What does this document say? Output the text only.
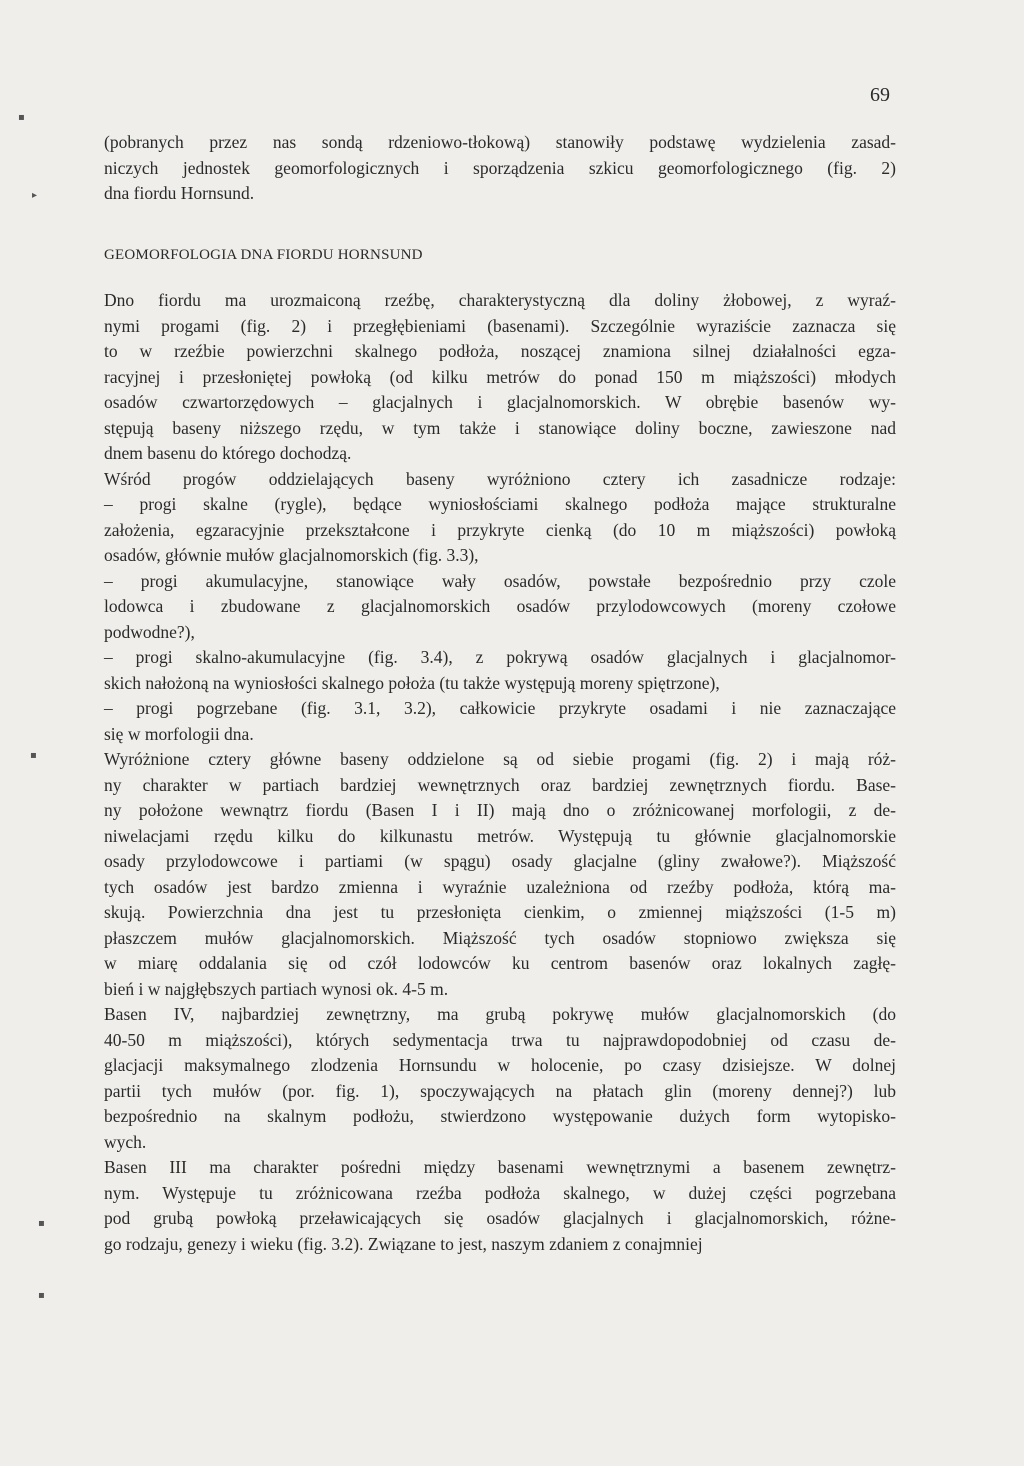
69
(pobranych przez nas sondą rdzeniowo-tłokową) stanowiły podstawę wydzielenia zasad-
niczych jednostek geomorfologicznych i sporządzenia szkicu geomorfologicznego (fig. 2)
dna fiordu Hornsund.
GEOMORFOLOGIA DNA FIORDU HORNSUND
Dno fiordu ma urozmaiconą rzeźbę, charakterystyczną dla doliny żłobowej, z wyraź-
nymi progami (fig. 2) i przegłębieniami (basenami). Szczególnie wyraziście zaznacza się
to w rzeźbie powierzchni skalnego podłoża, noszącej znamiona silnej działalności egza-
racyjnej i przesłoniętej powłoką (od kilku metrów do ponad 150 m miąższości) młodych
osadów czwartorzędowych – glacjalnych i glacjalnomorskich. W obrębie basenów wy-
stępują baseny niższego rzędu, w tym także i stanowiące doliny boczne, zawieszone nad
dnem basenu do którego dochodzą.
Wśród progów oddzielających baseny wyróżniono cztery ich zasadnicze rodzaje:
– progi skalne (rygle), będące wyniosłościami skalnego podłoża mające strukturalne
założenia, egzaracyjnie przekształcone i przykryte cienką (do 10 m miąższości) powłoką
osadów, głównie mułów glacjalnomorskich (fig. 3.3),
– progi akumulacyjne, stanowiące wały osadów, powstałe bezpośrednio przy czole
lodowca i zbudowane z glacjalnomorskich osadów przylodowcowych (moreny czołowe
podwodne?),
– progi skalno-akumulacyjne (fig. 3.4), z pokrywą osadów glacjalnych i glacjalnomor-
skich nałożoną na wyniosłości skalnego położa (tu także występują moreny spiętrzone),
– progi pogrzebane (fig. 3.1, 3.2), całkowicie przykryte osadami i nie zaznaczające
się w morfologii dna.
Wyróżnione cztery główne baseny oddzielone są od siebie progami (fig. 2) i mają róż-
ny charakter w partiach bardziej wewnętrznych oraz bardziej zewnętrznych fiordu. Base-
ny położone wewnątrz fiordu (Basen I i II) mają dno o zróżnicowanej morfologii, z de-
niwelacjami rzędu kilku do kilkunastu metrów. Występują tu głównie glacjalnomorskie
osady przylodowcowe i partiami (w spągu) osady glacjalne (gliny zwałowe?). Miąższość
tych osadów jest bardzo zmienna i wyraźnie uzależniona od rzeźby podłoża, którą ma-
skują. Powierzchnia dna jest tu przesłonięta cienkim, o zmiennej miąższości (1-5 m)
płaszczem mułów glacjalnomorskich. Miąższość tych osadów stopniowo zwiększa się
w miarę oddalania się od czół lodowców ku centrom basenów oraz lokalnych zagłę-
bień i w najgłębszych partiach wynosi ok. 4-5 m.
Basen IV, najbardziej zewnętrzny, ma grubą pokrywę mułów glacjalnomorskich (do
40-50 m miąższości), których sedymentacja trwa tu najprawdopodobniej od czasu de-
glacjacji maksymalnego zlodzenia Hornsundu w holocenie, po czasy dzisiejsze. W dolnej
partii tych mułów (por. fig. 1), spoczywających na płatach glin (moreny dennej?) lub
bezpośrednio na skalnym podłożu, stwierdzono występowanie dużych form wytopisko-
wych.
Basen III ma charakter pośredni między basenami wewnętrznymi a basenem zewnętrz-
nym. Występuje tu zróżnicowana rzeźba podłoża skalnego, w dużej części pogrzebana
pod grubą powłoką przeławicających się osadów glacjalnych i glacjalnomorskich, różne-
go rodzaju, genezy i wieku (fig. 3.2). Związane to jest, naszym zdaniem z conajmniej
▪
▸
▪
▪
▪
